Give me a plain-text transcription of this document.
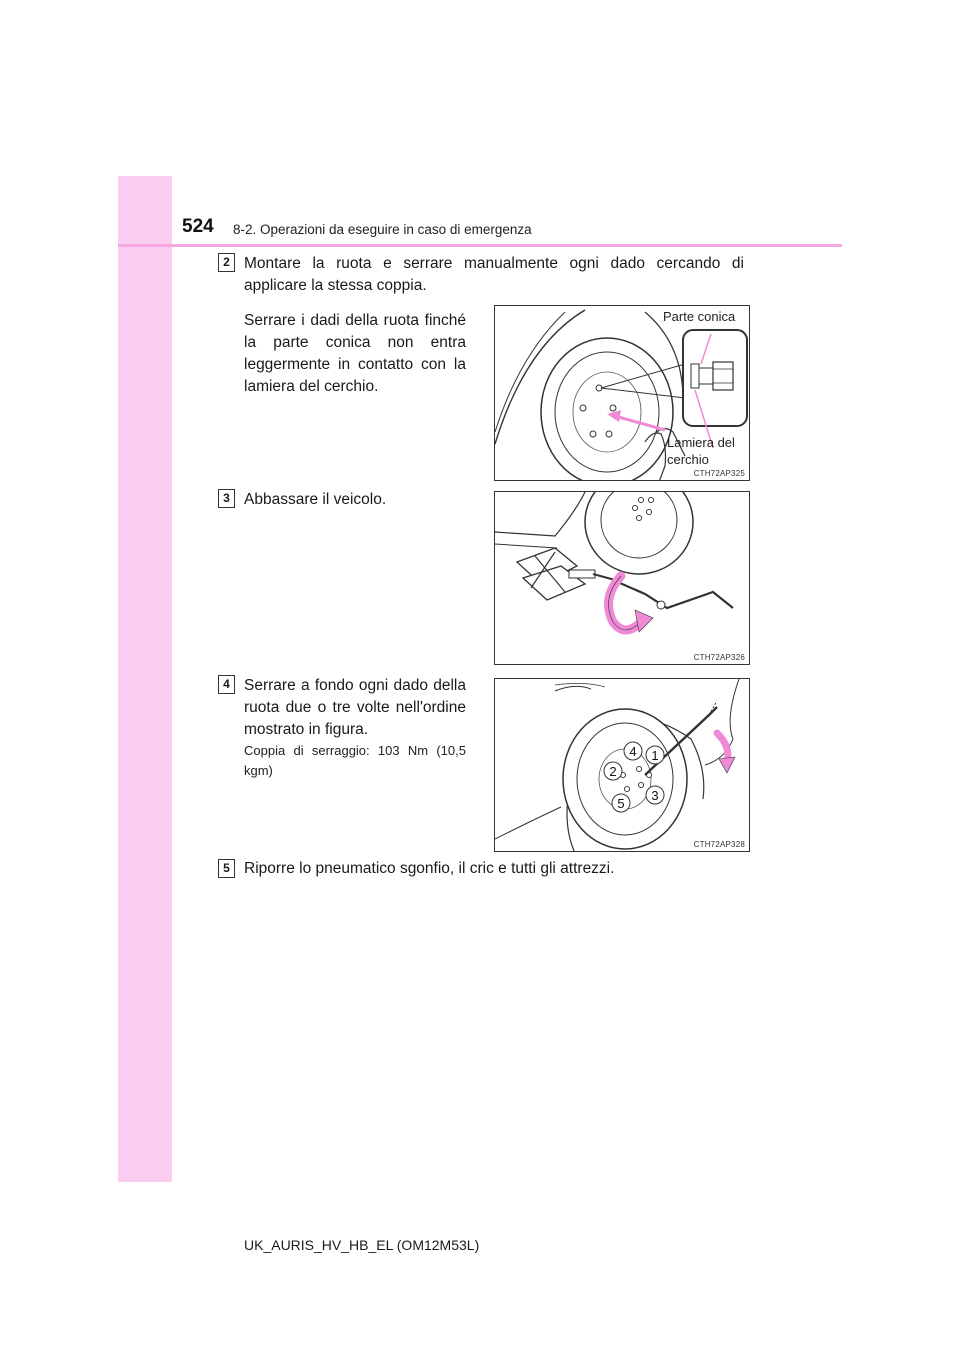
524 8-2. Operazioni da eseguire in caso di emergenza
2 Montare la ruota e serrare manualmente ogni dado cercando di applicare la stessa coppia.
Serrare i dadi della ruota finché la parte conica non entra leggermente in contatto con la lamiera del cerchio.
Parte conica
Lamiera del cerchio
CTH72AP325
3 Abbassare il veicolo.
CTH72AP326
4 Serrare a fondo ogni dado della ruota due o tre volte nell'ordine mostrato in figura.
Coppia di serraggio: 103 Nm (10,5 kgm)
1
2
3
4
5
CTH72AP328
5 Riporre lo pneumatico sgonfio, il cric e tutti gli attrezzi.
UK_AURIS_HV_HB_EL (OM12M53L)
